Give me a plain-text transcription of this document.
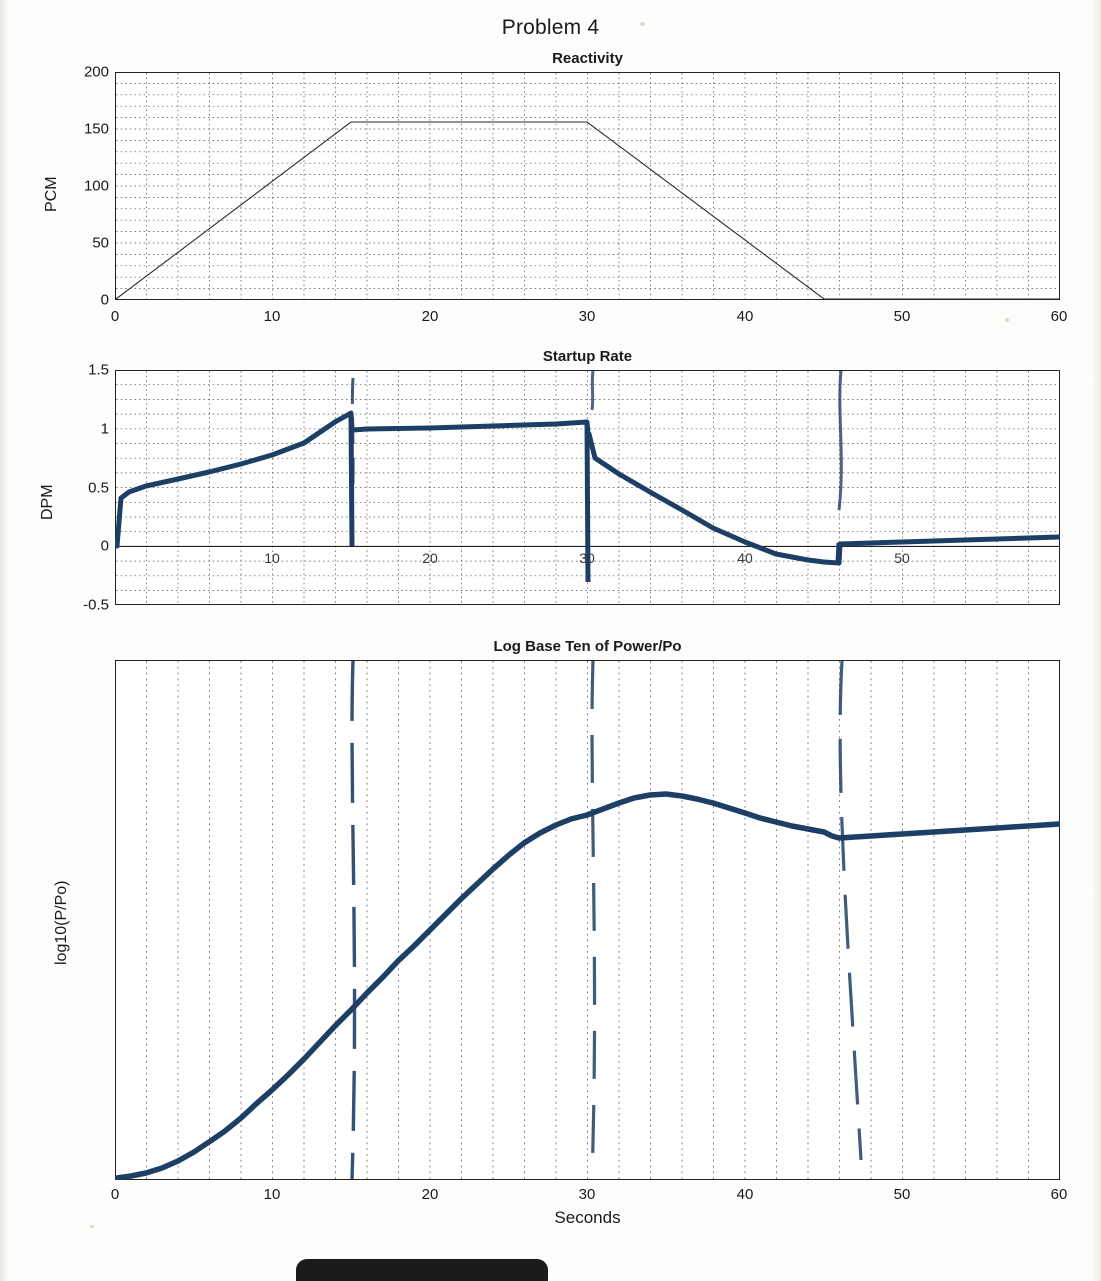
Problem 4
Reactivity
200
150
100
50
0
0	10	20	30	40	50	60
PCM
Startup Rate
1.5
1
0.5
0
-0.5
10	20	30	40	50
DPM
Log Base Ten of Power/Po
0	10	20	30	40	50	60
log10(P/Po)
Seconds
